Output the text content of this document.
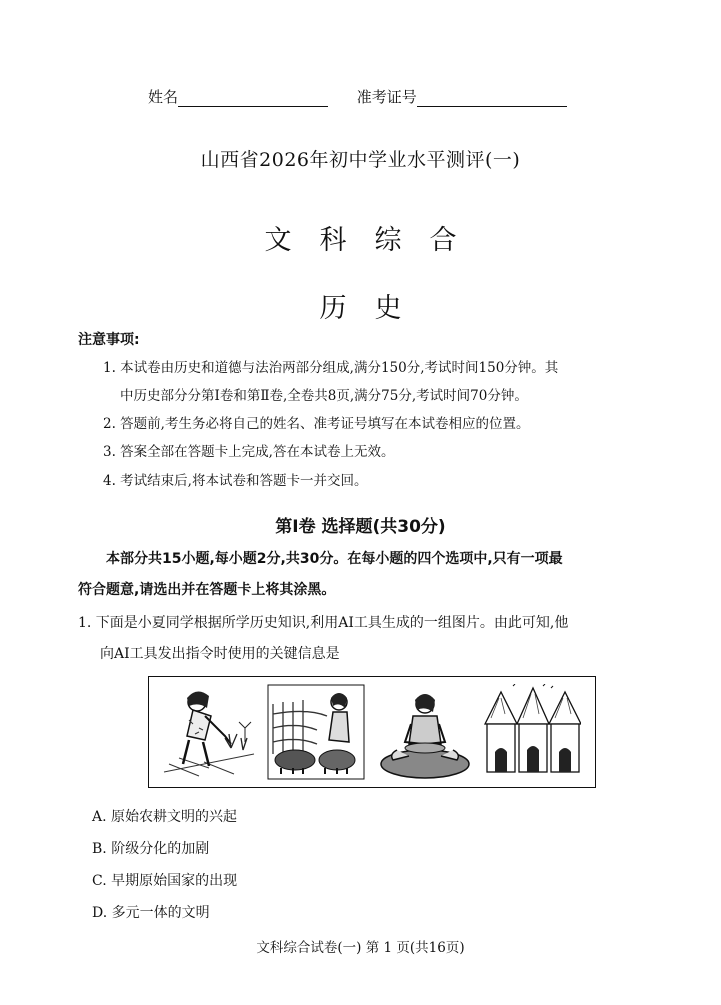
姓名	准考证号
山西省2026年初中学业水平测评(一)
文科综合
历史
注意事项:
1. 本试卷由历史和道德与法治两部分组成,满分150分,考试时间150分钟。其
中历史部分分第Ⅰ卷和第Ⅱ卷,全卷共8页,满分75分,考试时间70分钟。
2. 答题前,考生务必将自己的姓名、准考证号填写在本试卷相应的位置。
3. 答案全部在答题卡上完成,答在本试卷上无效。
4. 考试结束后,将本试卷和答题卡一并交回。
第Ⅰ卷 选择题(共30分)
本部分共15小题,每小题2分,共30分。在每小题的四个选项中,只有一项最
符合题意,请选出并在答题卡上将其涂黑。
1. 下面是小夏同学根据所学历史知识,利用AI工具生成的一组图片。由此可知,他
向AI工具发出指令时使用的关键信息是
A. 原始农耕文明的兴起
B. 阶级分化的加剧
C. 早期原始国家的出现
D. 多元一体的文明
文科综合试卷(一) 第 1 页(共16页)
